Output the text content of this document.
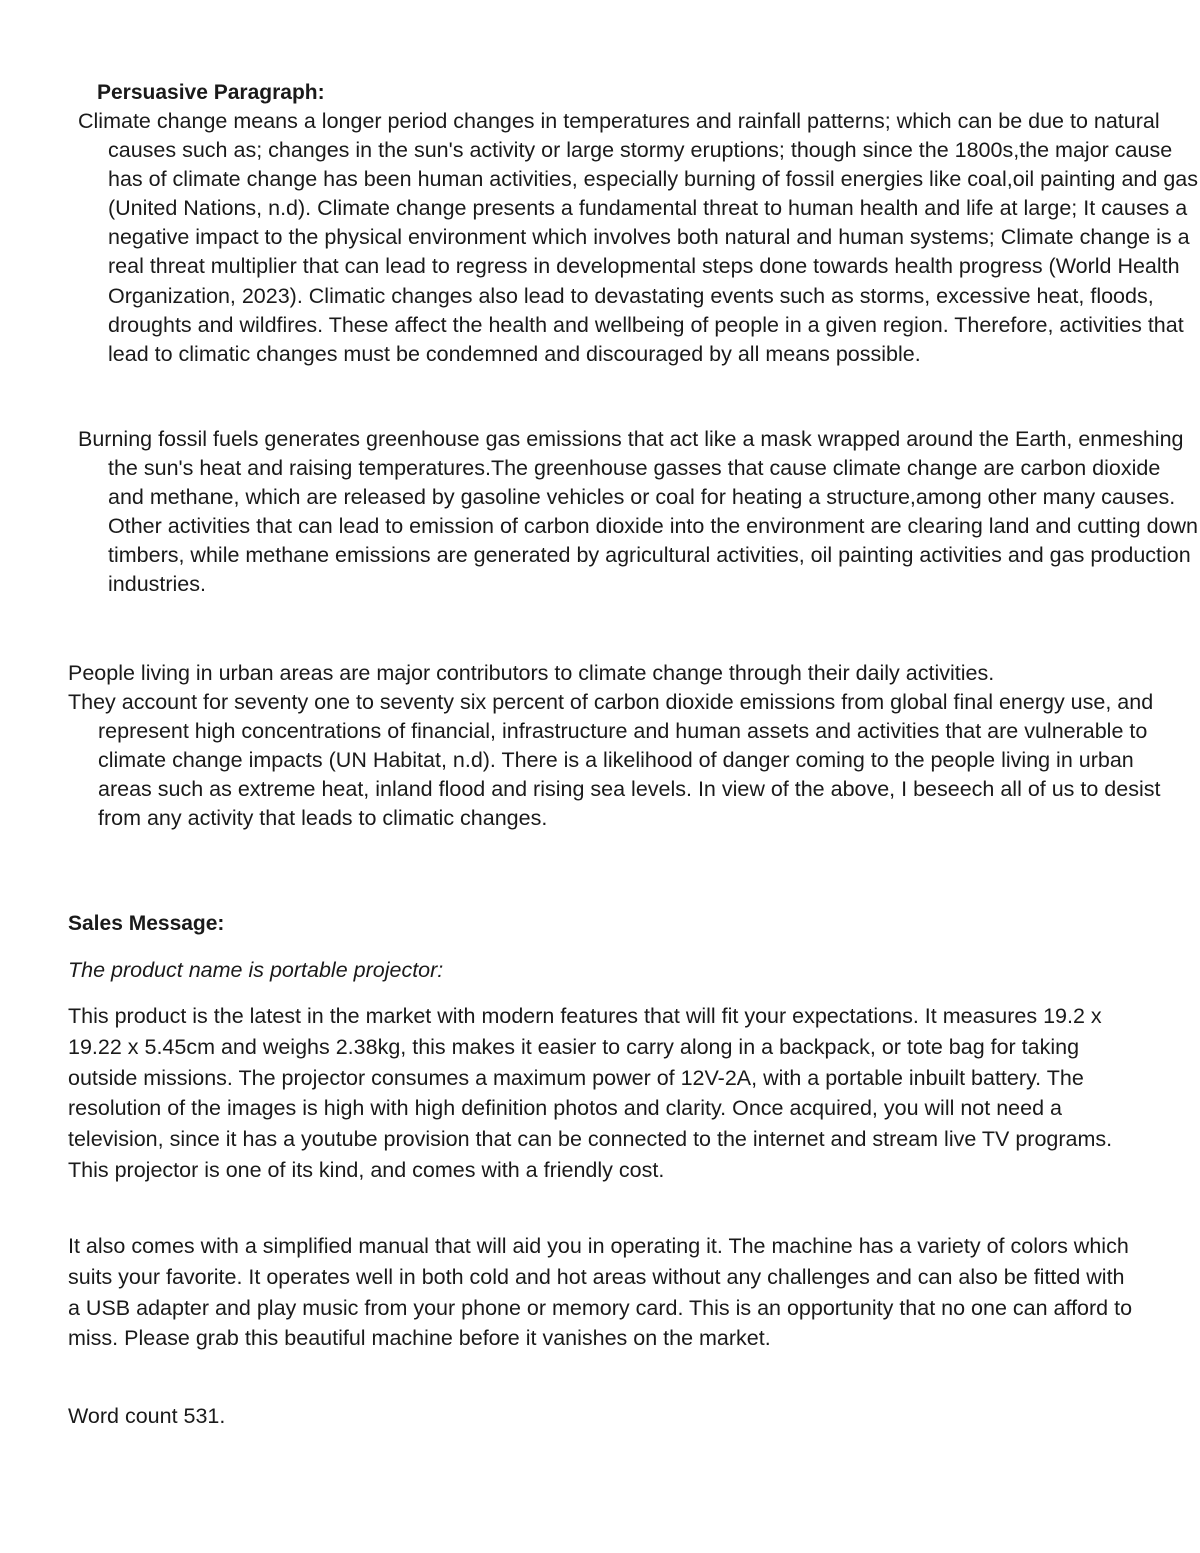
Persuasive Paragraph:
Climate change means a longer period changes in temperatures and rainfall patterns; which can be due to natural causes such as; changes in the sun's activity or large stormy eruptions; though since the 1800s,the major cause has of climate change has been human activities, especially burning of fossil energies like coal,oil painting and gas (United Nations, n.d). Climate change presents a fundamental threat to human health and life at large; It causes a negative impact to the physical environment which involves both natural and human systems; Climate change is a real threat multiplier that can lead to regress in developmental steps done towards health progress (World Health Organization, 2023). Climatic changes also lead to devastating events such as storms, excessive heat, floods, droughts and wildfires. These affect the health and wellbeing of people in a given region. Therefore, activities that lead to climatic changes must be condemned and discouraged by all means possible.
Burning fossil fuels generates greenhouse gas emissions that act like a mask wrapped around the Earth, enmeshing the sun's heat and raising temperatures.The greenhouse gasses that cause climate change are carbon dioxide and methane, which are released by gasoline vehicles or coal for heating a structure,among other many causes. Other activities that can lead to emission of carbon dioxide into the environment are clearing land and cutting down timbers, while methane emissions are generated by agricultural activities, oil painting activities and gas production industries.
People living in urban areas are major contributors to climate change through their daily activities.
They account for seventy one to seventy six percent of carbon dioxide emissions from global final energy use, and represent high concentrations of financial, infrastructure and human assets and activities that are vulnerable to climate change impacts (UN Habitat, n.d). There is a likelihood of danger coming to the people living in urban areas such as extreme heat, inland flood and rising sea levels. In view of the above, I beseech all of us to desist from any activity that leads to climatic changes.
Sales Message:
The product name is portable projector:
This product is the latest in the market with modern features that will fit your expectations. It measures 19.2 x 19.22 x 5.45cm and weighs 2.38kg, this makes it easier to carry along in a backpack, or tote bag for taking outside missions. The projector consumes a maximum power of 12V-2A, with a portable inbuilt battery. The resolution of the images is high with high definition photos and clarity. Once acquired, you will not need a television, since it has a youtube provision that can be connected to the internet and stream live TV programs. This projector is one of its kind, and comes with a friendly cost.
It also comes with a simplified manual that will aid you in operating it. The machine has a variety of colors which suits your favorite. It operates well in both cold and hot areas without any challenges and can also be fitted with a USB adapter and play music from your phone or memory card. This is an opportunity that no one can afford to miss. Please grab this beautiful machine before it vanishes on the market.
Word count 531.
